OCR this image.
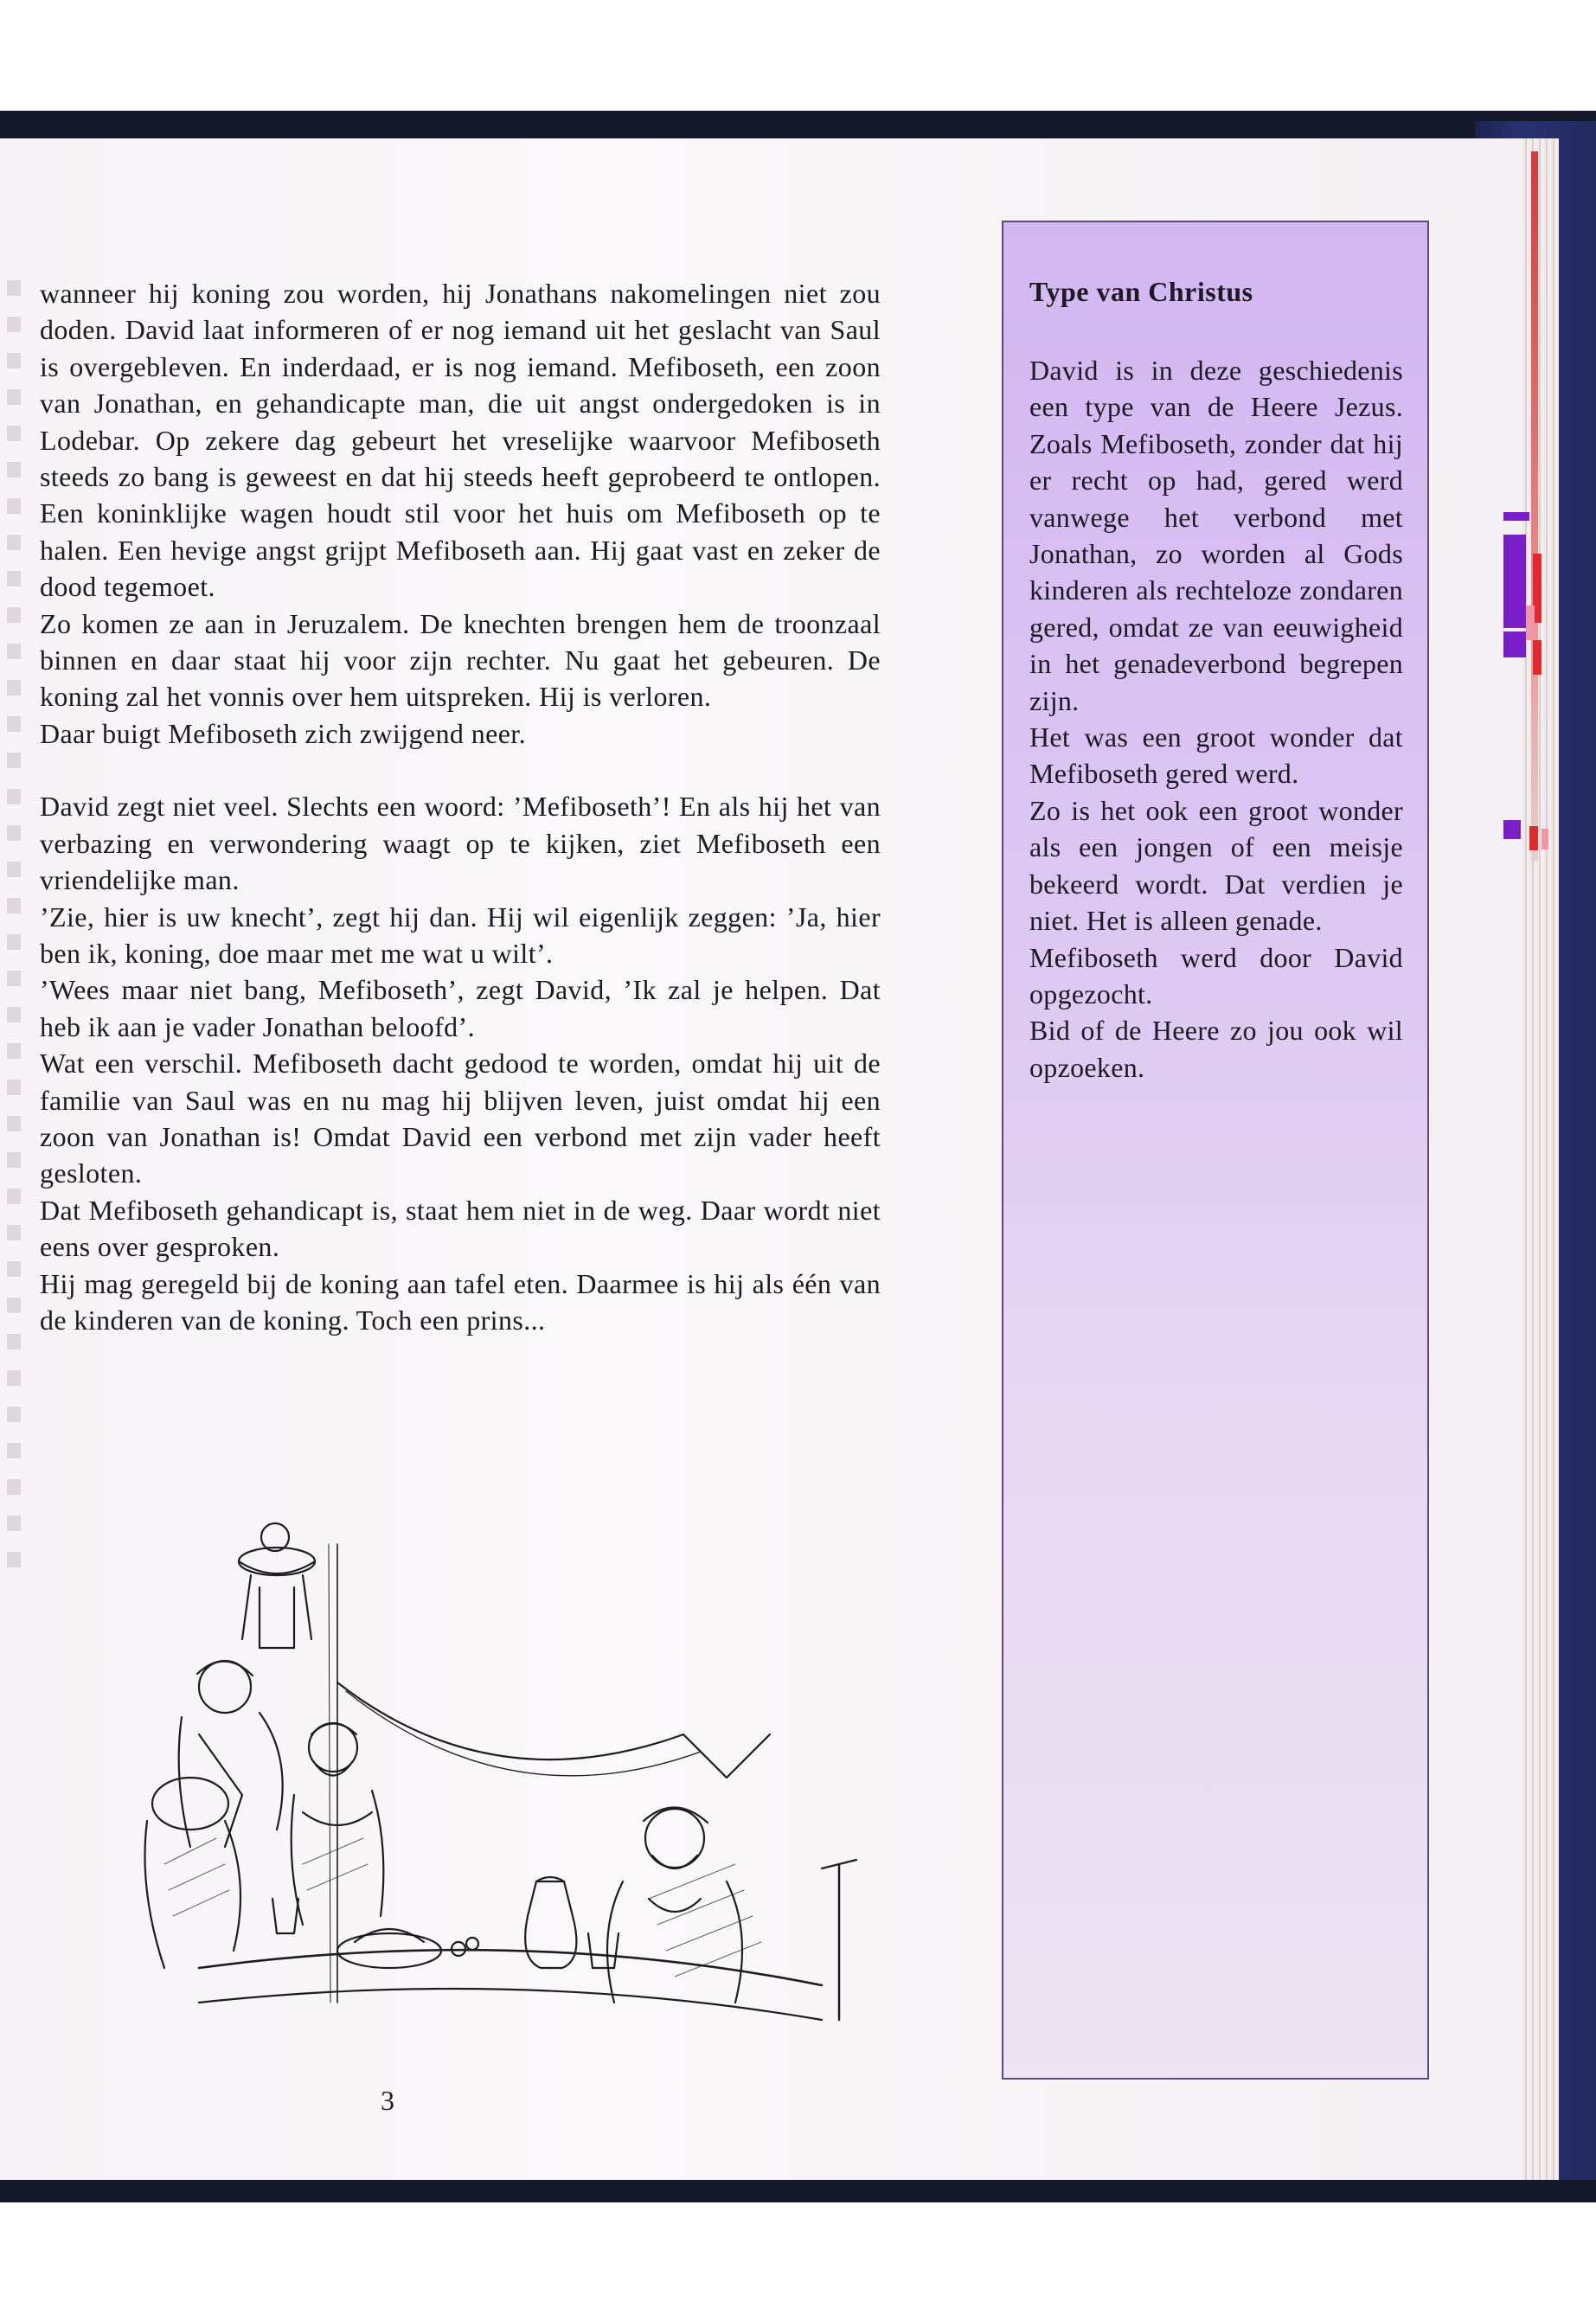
wanneer hij koning zou worden, hij Jonathans nakomelingen niet zou doden. David laat informeren of er nog iemand uit het geslacht van Saul is overgebleven. En inderdaad, er is nog iemand. Mefiboseth, een zoon van Jonathan, en gehandicapte man, die uit angst ondergedoken is in Lodebar. Op zekere dag gebeurt het vreselijke waarvoor Mefiboseth steeds zo bang is geweest en dat hij steeds heeft geprobeerd te ontlopen. Een koninklijke wagen houdt stil voor het huis om Mefiboseth op te halen. Een hevige angst grijpt Mefiboseth aan. Hij gaat vast en zeker de dood tegemoet.

Zo komen ze aan in Jeruzalem. De knechten brengen hem de troonzaal binnen en daar staat hij voor zijn rechter. Nu gaat het gebeuren. De koning zal het vonnis over hem uitspreken. Hij is verloren.

Daar buigt Mefiboseth zich zwijgend neer.

David zegt niet veel. Slechts een woord: ’Mefiboseth’! En als hij het van verbazing en verwondering waagt op te kijken, ziet Mefiboseth een vriendelijke man.

’Zie, hier is uw knecht’, zegt hij dan. Hij wil eigenlijk zeggen: ’Ja, hier ben ik, koning, doe maar met me wat u wilt’.

’Wees maar niet bang, Mefiboseth’, zegt David, ’Ik zal je helpen. Dat heb ik aan je vader Jonathan beloofd’.

Wat een verschil. Mefiboseth dacht gedood te worden, omdat hij uit de familie van Saul was en nu mag hij blijven leven, juist omdat hij een zoon van Jonathan is! Omdat David een verbond met zijn vader heeft gesloten.

Dat Mefiboseth gehandicapt is, staat hem niet in de weg. Daar wordt niet eens over gesproken.

Hij mag geregeld bij de koning aan tafel eten. Daarmee is hij als één van de kinderen van de koning. Toch een prins...

Type van Christus

David is in deze geschiedenis een type van de Heere Jezus. Zoals Mefiboseth, zonder dat hij er recht op had, gered werd vanwege het verbond met Jonathan, zo worden al Gods kinderen als rechteloze zondaren gered, omdat ze van eeuwigheid in het genadeverbond begrepen zijn.

Het was een groot wonder dat Mefiboseth gered werd.

Zo is het ook een groot wonder als een jongen of een meisje bekeerd wordt. Dat verdien je niet. Het is alleen genade.

Mefiboseth werd door David opgezocht.

Bid of de Heere zo jou ook wil opzoeken.

3
